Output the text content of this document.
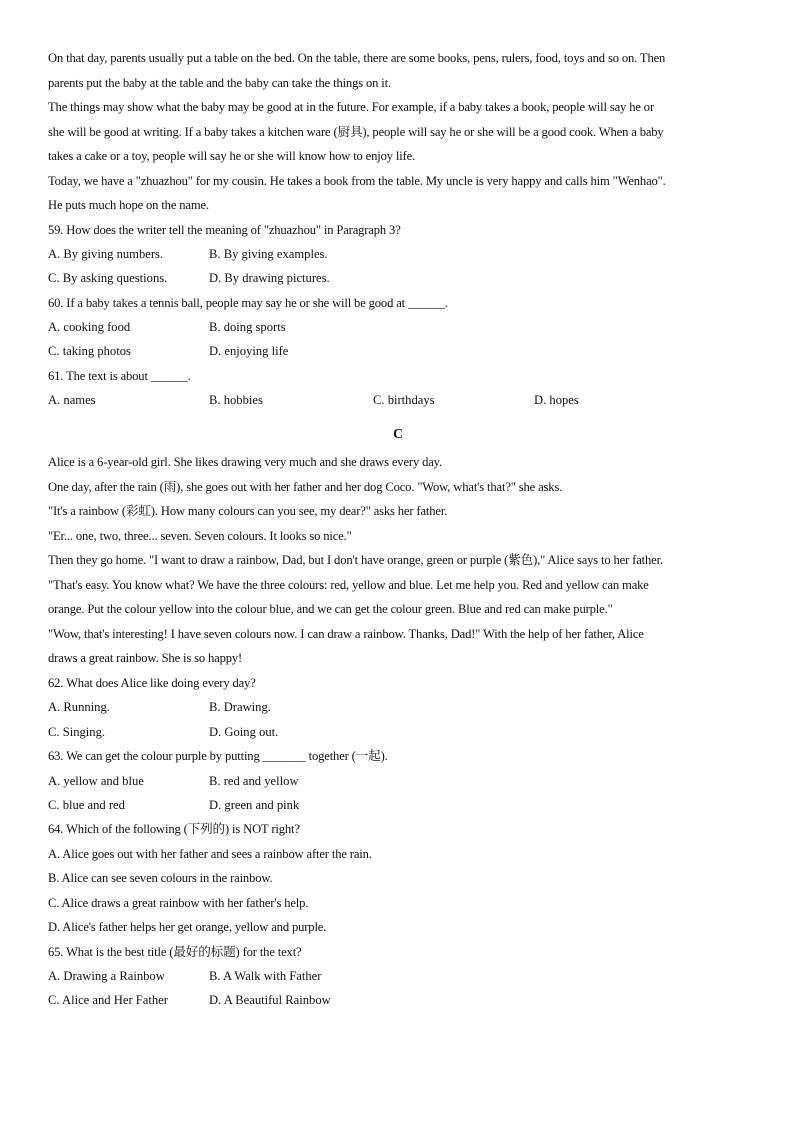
On that day, parents usually put a table on the bed. On the table, there are some books, pens, rulers, food, toys and so on. Then
parents put the baby at the table and the baby can take the things on it.
The things may show what the baby may be good at in the future. For example, if a baby takes a book, people will say he or
she will be good at writing. If a baby takes a kitchen ware (厨具), people will say he or she will be a good cook. When a baby
takes a cake or a toy, people will say he or she will know how to enjoy life.
Today, we have a "zhuazhou" for my cousin. He takes a book from the table. My uncle is very happy and calls him "Wenhao".
He puts much hope on the name.
59. How does the writer tell the meaning of "zhuazhou" in Paragraph 3?
A. By giving numbers.	B. By giving examples.
C. By asking questions.	D. By drawing pictures.
60. If a baby takes a tennis ball, people may say he or she will be good at ______.
A. cooking food	B. doing sports
C. taking photos	D. enjoying life
61. The text is about ______.
A. names	B. hobbies	C. birthdays	D. hopes
C
Alice is a 6-year-old girl. She likes drawing very much and she draws every day.
One day, after the rain (雨), she goes out with her father and her dog Coco. "Wow, what's that?" she asks.
"It's a rainbow (彩虹). How many colours can you see, my dear?" asks her father.
"Er... one, two, three... seven. Seven colours. It looks so nice."
Then they go home. "I want to draw a rainbow, Dad, but I don't have orange, green or purple (紫色)," Alice says to her father.
"That's easy. You know what? We have the three colours: red, yellow and blue. Let me help you. Red and yellow can make
orange. Put the colour yellow into the colour blue, and we can get the colour green. Blue and red can make purple."
"Wow, that's interesting! I have seven colours now. I can draw a rainbow. Thanks, Dad!" With the help of her father, Alice
draws a great rainbow. She is so happy!
62. What does Alice like doing every day?
A. Running.	B. Drawing.
C. Singing.	D. Going out.
63. We can get the colour purple by putting _______ together (一起).
A. yellow and blue	B. red and yellow
C. blue and red	D. green and pink
64. Which of the following (下列的) is NOT right?
A. Alice goes out with her father and sees a rainbow after the rain.
B. Alice can see seven colours in the rainbow.
C. Alice draws a great rainbow with her father's help.
D. Alice's father helps her get orange, yellow and purple.
65. What is the best title (最好的标题) for the text?
A. Drawing a Rainbow	B. A Walk with Father
C. Alice and Her Father	D. A Beautiful Rainbow
